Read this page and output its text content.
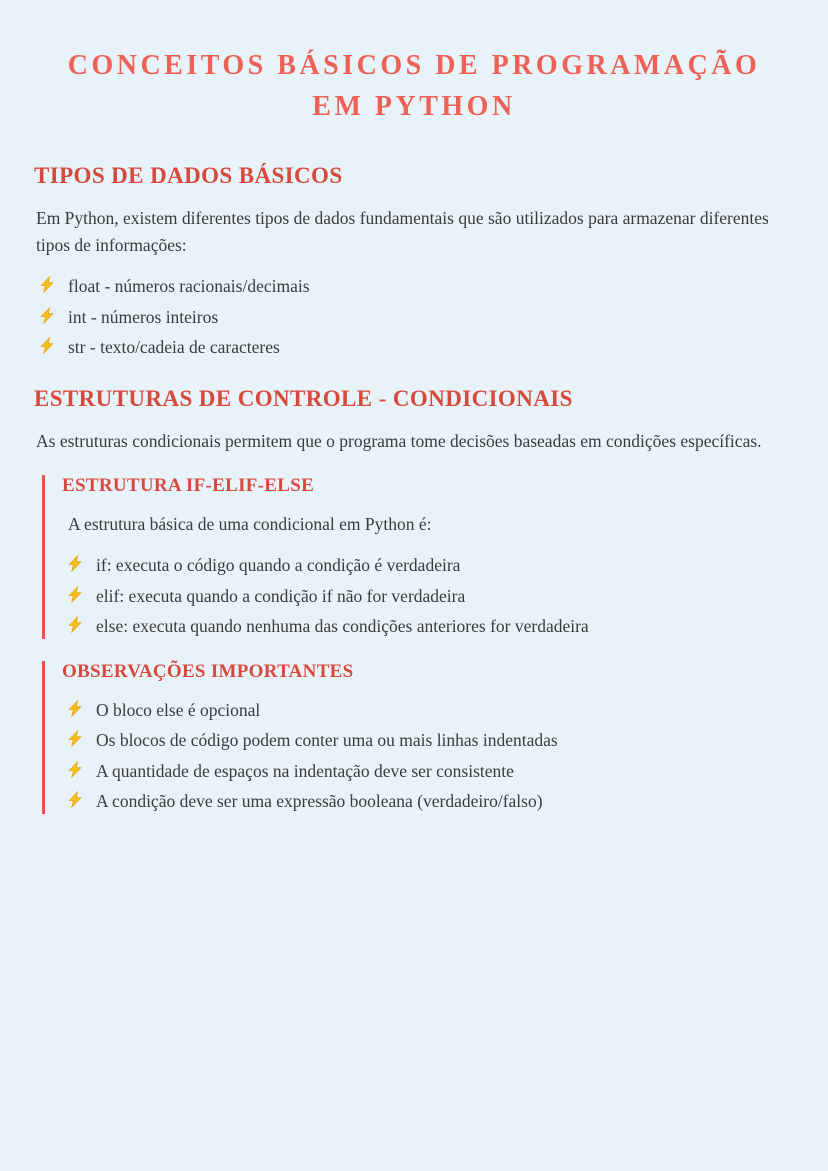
CONCEITOS BÁSICOS DE PROGRAMAÇÃO EM PYTHON
TIPOS DE DADOS BÁSICOS

Em Python, existem diferentes tipos de dados fundamentais que são utilizados para armazenar diferentes tipos de informações:

float - números racionais/decimais
int - números inteiros
str - texto/cadeia de caracteres
ESTRUTURAS DE CONTROLE - CONDICIONAIS

As estruturas condicionais permitem que o programa tome decisões baseadas em condições específicas.

ESTRUTURA IF-ELIF-ELSE

A estrutura básica de uma condicional em Python é:

if: executa o código quando a condição é verdadeira
elif: executa quando a condição if não for verdadeira
else: executa quando nenhuma das condições anteriores for verdadeira
OBSERVAÇÕES IMPORTANTES
O bloco else é opcional
Os blocos de código podem conter uma ou mais linhas indentadas
A quantidade de espaços na indentação deve ser consistente
A condição deve ser uma expressão booleana (verdadeiro/falso)
